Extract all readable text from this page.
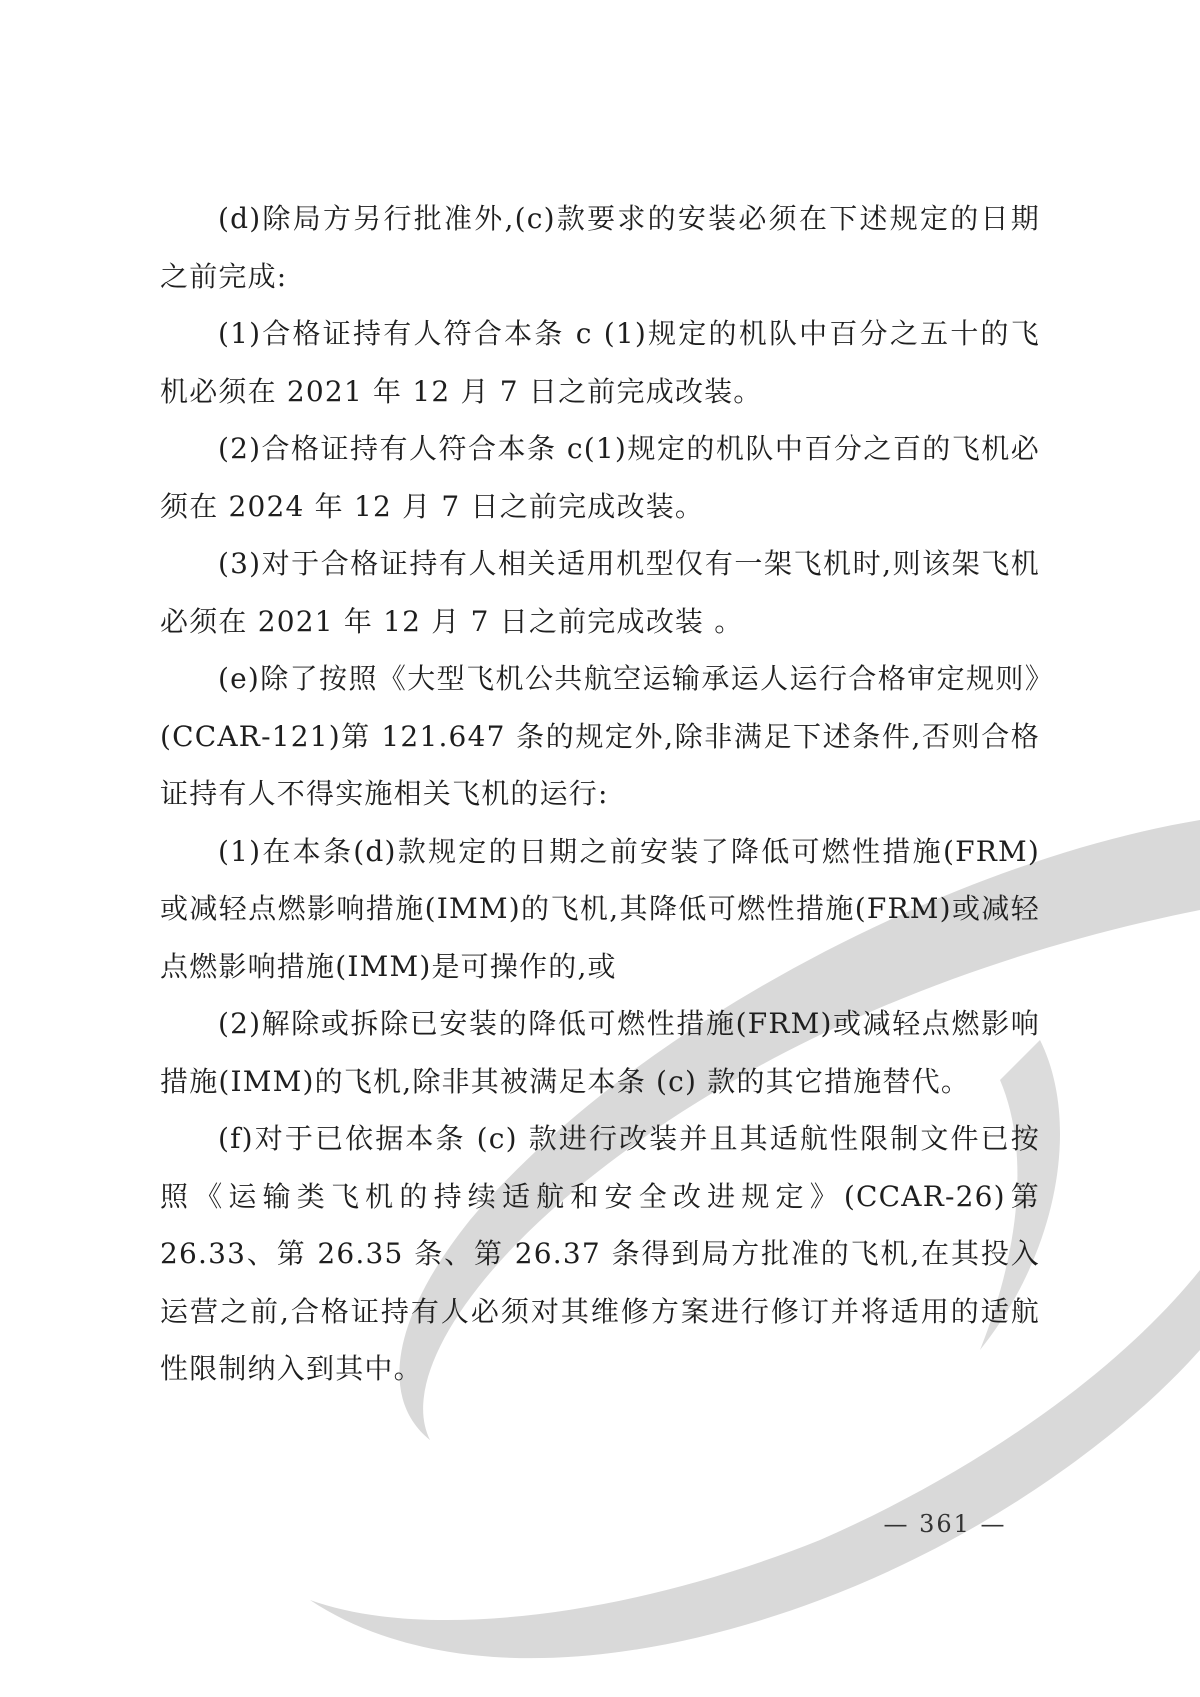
(d)除局方另行批准外,(c)款要求的安装必须在下述规定的日期之前完成:

(1)合格证持有人符合本条 c (1)规定的机队中百分之五十的飞机必须在 2021 年 12 月 7 日之前完成改装。

(2)合格证持有人符合本条 c(1)规定的机队中百分之百的飞机必须在 2024 年 12 月 7 日之前完成改装。

(3)对于合格证持有人相关适用机型仅有一架飞机时,则该架飞机必须在 2021 年 12 月 7 日之前完成改装 。

(e)除了按照《大型飞机公共航空运输承运人运行合格审定规则》(CCAR-121)第 121.647 条的规定外,除非满足下述条件,否则合格证持有人不得实施相关飞机的运行:

(1)在本条(d)款规定的日期之前安装了降低可燃性措施(FRM)或减轻点燃影响措施(IMM)的飞机,其降低可燃性措施(FRM)或减轻点燃影响措施(IMM)是可操作的,或

(2)解除或拆除已安装的降低可燃性措施(FRM)或减轻点燃影响措施(IMM)的飞机,除非其被满足本条 (c) 款的其它措施替代。

(f)对于已依据本条 (c) 款进行改装并且其适航性限制文件已按照《运输类飞机的持续适航和安全改进规定》(CCAR-26)第 26.33、第 26.35 条、第 26.37 条得到局方批准的飞机,在其投入运营之前,合格证持有人必须对其维修方案进行修订并将适用的适航性限制纳入到其中。

— 361 —
